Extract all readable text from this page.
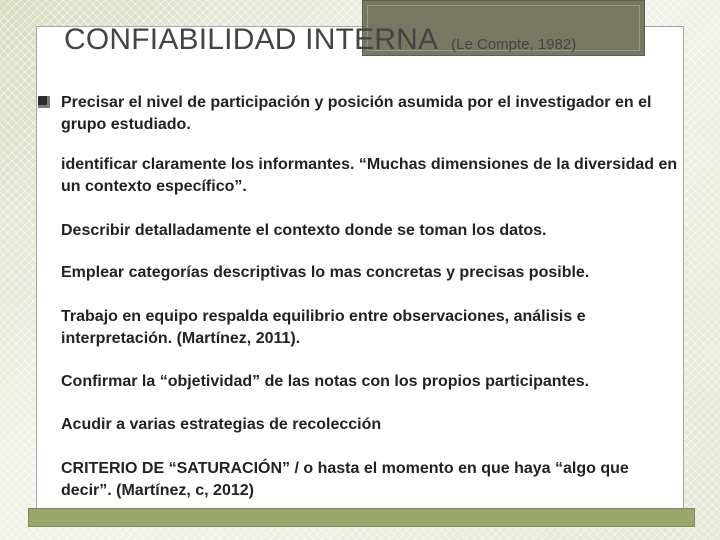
CONFIABILIDAD INTERNA (Le Compte, 1982)
Precisar el nivel de participación y posición asumida por el investigador en el grupo estudiado.
identificar claramente los informantes. “Muchas dimensiones de la diversidad en un contexto específico”.
Describir detalladamente el contexto donde se toman los datos.
Emplear categorías descriptivas lo mas concretas y precisas posible.
Trabajo en equipo respalda equilibrio entre observaciones, análisis e interpretación. (Martínez, 2011).
Confirmar la “objetividad” de las notas con los propios participantes.
Acudir a varias estrategias de recolección
CRITERIO DE “SATURACIÓN” / o hasta el momento en que haya “algo que decir”. (Martínez, c, 2012)
